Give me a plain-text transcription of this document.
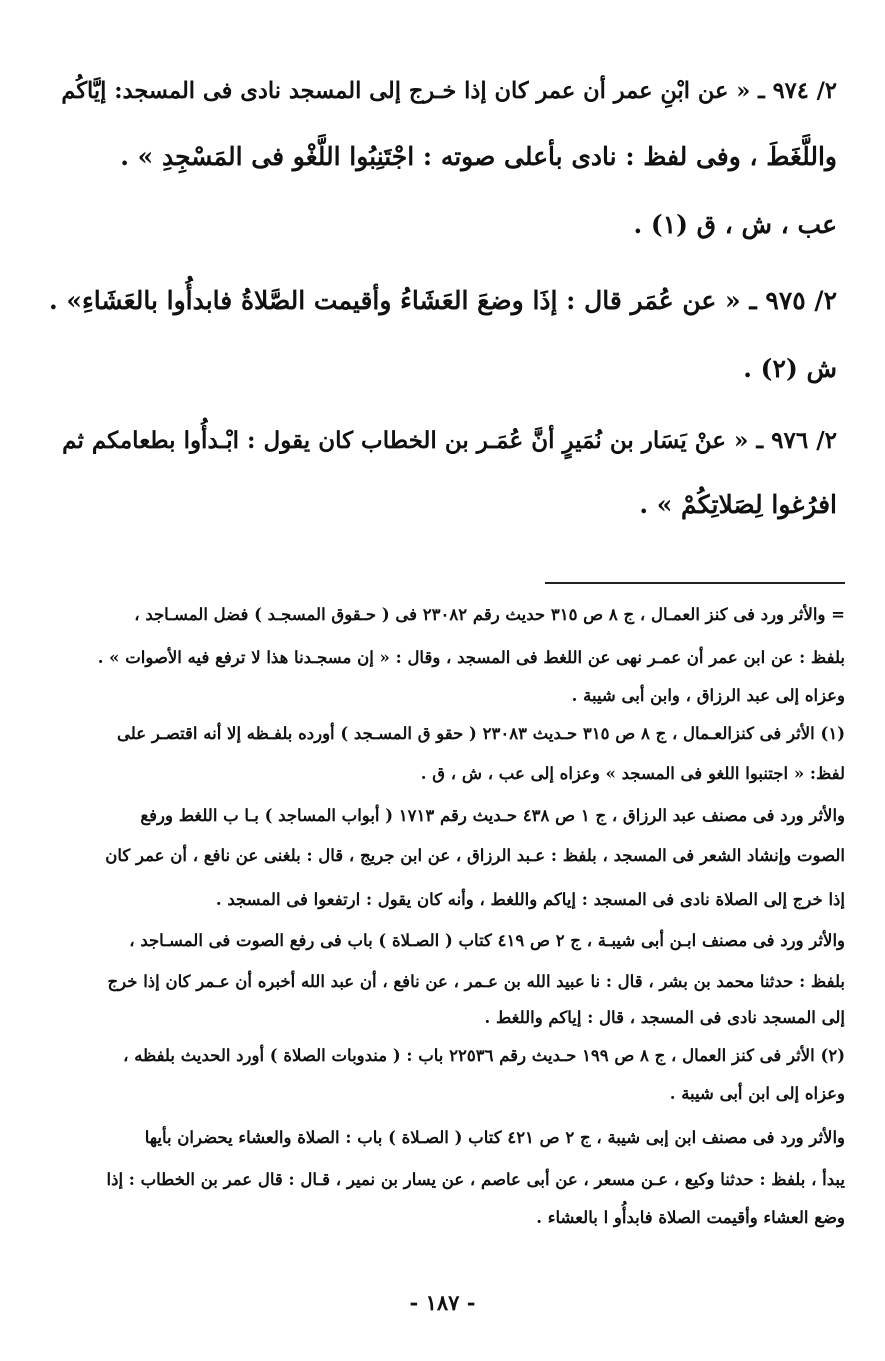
٢/ ٩٧٤ ـ « عن ابْنِ عمر أن عمر كان إذا خـرج إلى المسجد نادى فى المسجد: إيَّاكُم
واللَّغَطَ ، وفى لفظ : نادى بأعلى صوته : اجْتَنِبُوا اللَّغْو فى المَسْجِدِ » .
عب ، ش ، ق (١) .
٢/ ٩٧٥ ـ « عن عُمَر قال : إذَا وضعَ العَشَاءُ وأقيمت الصَّلاةُ فابدأُوا بالعَشَاءِ» .
ش (٢) .
٢/ ٩٧٦ ـ « عنْ يَسَار بن نُمَيرٍ أنَّ عُمَـر بن الخطاب كان يقول : ابْـدأُوا بطعامكم ثم
افرُغوا لِصَلاتِكُمْ » .
= والأثر ورد فى كنز العمـال ، ج ٨ ص ٣١٥ حديث رقم ٢٣٠٨٢ فى ( حـقوق المسجـد ) فضل المسـاجد ،
بلفظ : عن ابن عمر أن عمـر نهى عن اللغط فى المسجد ، وقال : « إن مسجـدنا هذا لا ترفع فيه الأصوات » .
وعزاه إلى عبد الرزاق ، وابن أبى شيبة .
(١) الأثر فى كنزالعـمال ، ج ٨ ص ٣١٥ حـديث ٢٣٠٨٣ ( حقو ق المسـجد ) أورده بلفـظه إلا أنه اقتصـر على
لفظ: « اجتنبوا اللغو فى المسجد » وعزاه إلى عب ، ش ، ق .
والأثر ورد فى مصنف عبد الرزاق ، ج ١ ص ٤٣٨ حـديث رقم ١٧١٣ ( أبواب المساجد ) بـا ب اللغط ورفع
الصوت وإنشاد الشعر فى المسجد ، بلفظ : عـبد الرزاق ، عن ابن جريج ، قال : بلغنى عن نافع ، أن عمر كان
إذا خرج إلى الصلاة نادى فى المسجد : إياكم واللغط ، وأنه كان يقول : ارتفعوا فى المسجد .
والأثر ورد فى مصنف ابـن أبى شيبـة ، ج ٢ ص ٤١٩ كتاب ( الصـلاة ) باب فى رفع الصوت فى المسـاجد ،
بلفظ : حدثنا محمد بن بشر ، قال : نا عبيد الله بن عـمر ، عن نافع ، أن عبد الله أخبره أن عـمر كان إذا خرج
إلى المسجد نادى فى المسجد ، قال : إياكم واللغط .
(٢) الأثر فى كنز العمال ، ج ٨ ص ١٩٩ حـديث رقم ٢٢٥٣٦ باب : ( مندوبات الصلاة ) أورد الحديث بلفظه ،
وعزاه إلى ابن أبى شيبة .
والأثر ورد فى مصنف ابن إبى شيبة ، ج ٢ ص ٤٢١ كتاب ( الصـلاة ) باب : الصلاة والعشاء يحضران بأيها
يبدأ ، بلفظ : حدثنا وكيع ، عـن مسعر ، عن أبى عاصم ، عن يسار بن نمير ، قـال : قال عمر بن الخطاب : إذا
وضع العشاء وأقيمت الصلاة فابدأُو ا بالعشاء .
- ١٨٧ -
